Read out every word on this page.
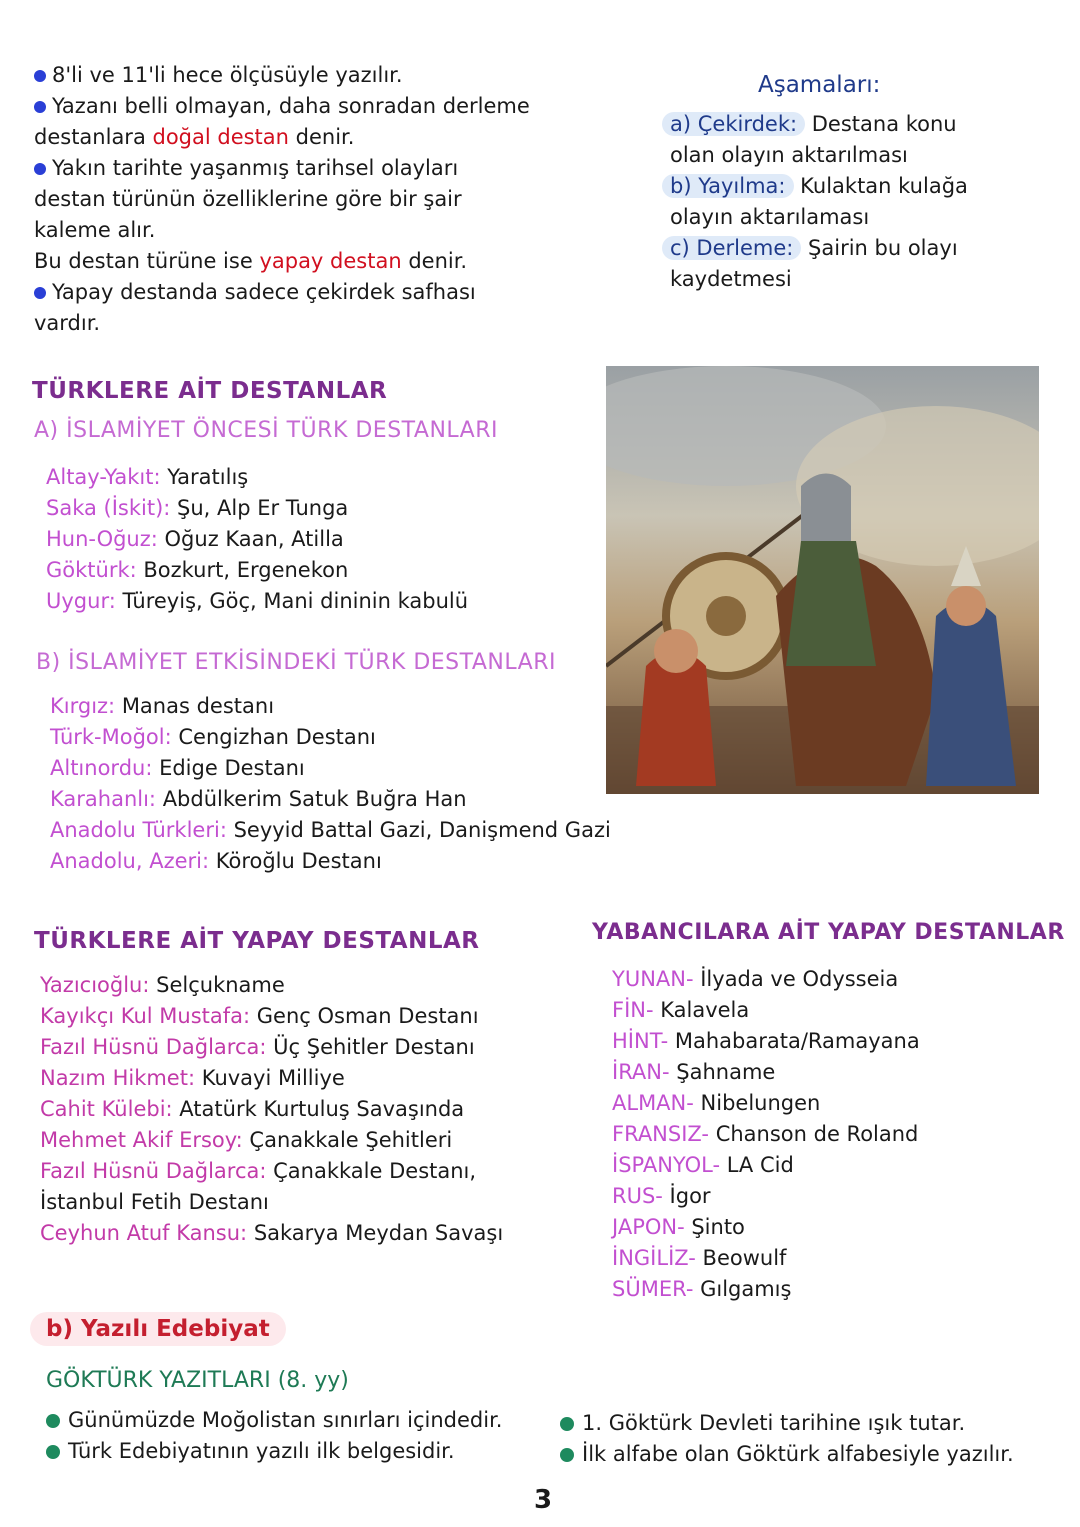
8'li ve 11'li hece ölçüsüyle yazılır.
Yazanı belli olmayan, daha sonradan derleme
destanlara doğal destan denir.
Yakın tarihte yaşanmış tarihsel olayları
destan türünün özelliklerine göre bir şair
kaleme alır.
Bu destan türüne ise yapay destan denir.
Yapay destanda sadece çekirdek safhası
vardır.
Aşamaları:
a) Çekirdek: Destana konu
olan olayın aktarılması
b) Yayılma: Kulaktan kulağa
olayın aktarılaması
c) Derleme: Şairin bu olayı
kaydetmesi
TÜRKLERE AİT DESTANLAR
A) İSLAMİYET ÖNCESİ TÜRK DESTANLARI
Altay-Yakıt: Yaratılış
Saka (İskit): Şu, Alp Er Tunga
Hun-Oğuz: Oğuz Kaan, Atilla
Göktürk: Bozkurt, Ergenekon
Uygur: Türeyiş, Göç, Mani dininin kabulü
B) İSLAMİYET ETKİSİNDEKİ TÜRK DESTANLARI
Kırgız: Manas destanı
Türk-Moğol: Cengizhan Destanı
Altınordu: Edige Destanı
Karahanlı: Abdülkerim Satuk Buğra Han
Anadolu Türkleri: Seyyid Battal Gazi, Danişmend Gazi
Anadolu, Azeri: Köroğlu Destanı
TÜRKLERE AİT YAPAY DESTANLAR
Yazıcıoğlu: Selçukname
Kayıkçı Kul Mustafa: Genç Osman Destanı
Fazıl Hüsnü Dağlarca: Üç Şehitler Destanı
Nazım Hikmet: Kuvayi Milliye
Cahit Külebi: Atatürk Kurtuluş Savaşında
Mehmet Akif Ersoy: Çanakkale Şehitleri
Fazıl Hüsnü Dağlarca: Çanakkale Destanı,
İstanbul Fetih Destanı
Ceyhun Atuf Kansu: Sakarya Meydan Savaşı
YABANCILARA AİT YAPAY DESTANLAR
YUNAN- İlyada ve Odysseia
FİN- Kalavela
HİNT- Mahabarata/Ramayana
İRAN- Şahname
ALMAN- Nibelungen
FRANSIZ- Chanson de Roland
İSPANYOL- LA Cid
RUS- İgor
JAPON- Şinto
İNGİLİZ- Beowulf
SÜMER- Gılgamış
b) Yazılı Edebiyat
GÖKTÜRK YAZITLARI (8. yy)
Günümüzde Moğolistan sınırları içindedir.
Türk Edebiyatının yazılı ilk belgesidir.
1. Göktürk Devleti tarihine ışık tutar.
İlk alfabe olan Göktürk alfabesiyle yazılır.
3
